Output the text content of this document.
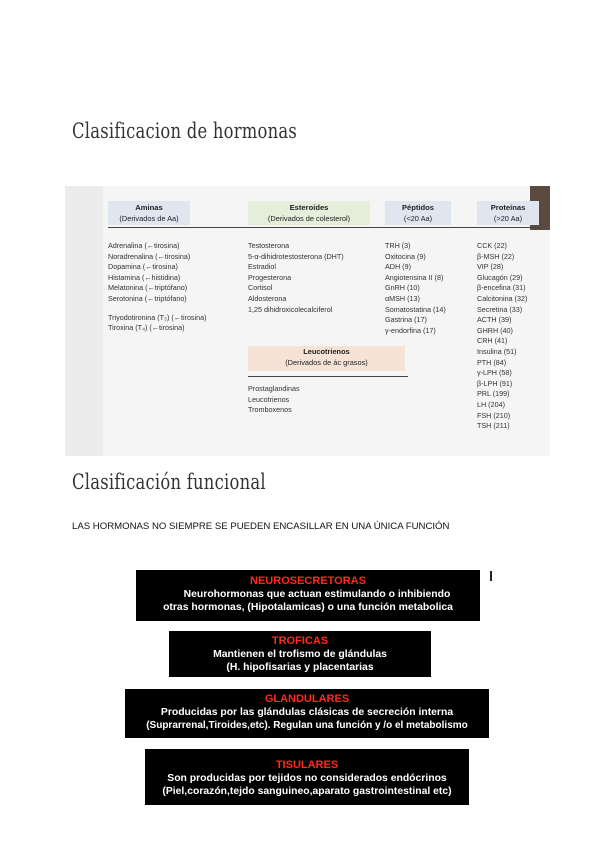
Clasificacion de hormonas
Aminas
(Derivados de Aa)
Esteroides
(Derivados de colesterol)
Péptidos
(<20 Aa)
Proteínas
(>20 Aa)
Adrenalina (←tirosina)
Noradrenalina (←tirosina)
Dopamina (←tirosina)
Histamina (←histidina)
Melatonina (←triptófano)
Serotonina (←triptófano)
Triyodotironina (T₃) (←tirosina)
Tiroxina (T₄) (←tirosina)
Testosterona
5-α-dihidrotestosterona (DHT)
Estradiol
Progesterona
Cortisol
Aldosterona
1,25 dihidroxicolecalciferol
TRH (3)
Oxitocina (9)
ADH (9)
Angiotensina II (8)
GnRH (10)
αMSH (13)
Somatostatina (14)
Gastrina (17)
γ-endorfina (17)
CCK (22)
β-MSH (22)
VIP (28)
Glucagón (29)
β-encefina (31)
Calcitonina (32)
Secretina (33)
ACTH (39)
GHRH (40)
CRH (41)
Insulina (51)
PTH (84)
γ-LPH (58)
β-LPH (91)
PRL (199)
LH (204)
FSH (210)
TSH (211)
Leucotrienos
(Derivados de ác grasos)
Prostaglandinas
Leucotrienos
Tromboxenos
Clasificación funcional
LAS HORMONAS NO SIEMPRE SE PUEDEN ENCASILLAR EN UNA ÚNICA FUNCIÓN
NEUROSECRETORAS
Neurohormonas que actuan estimulando o inhibiendo
otras hormonas, (Hipotalamicas) o una función metabolica
TROFICAS
Mantienen el trofismo de glándulas
(H. hipofisarias y placentarias
GLANDULARES
Producidas por las glándulas clásicas de secreción interna
(Suprarrenal,Tiroides,etc). Regulan una función y /o el metabolismo
TISULARES
Son producidas por tejidos no considerados endócrinos
(Piel,corazón,tejdo sanguineo,aparato gastrointestinal etc)
